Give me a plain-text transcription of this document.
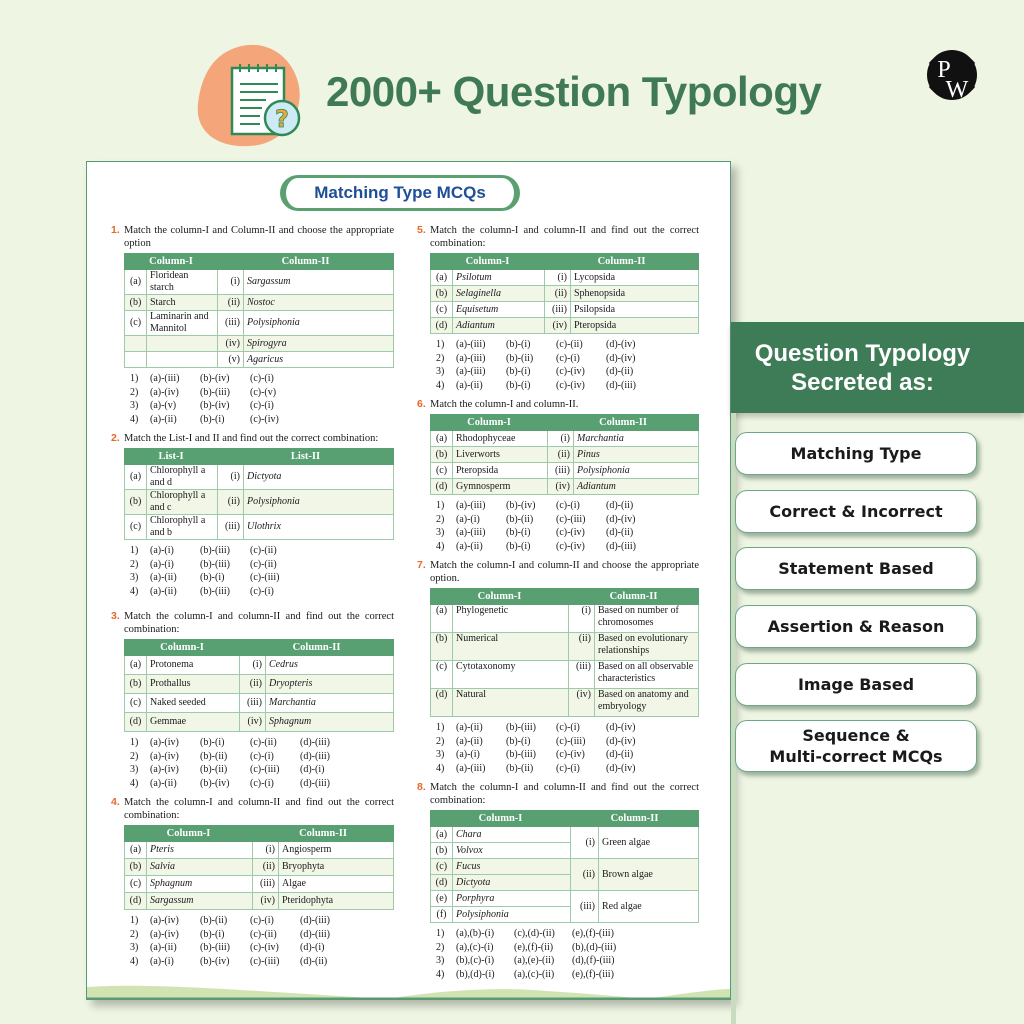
?
2000+ Question Typology	P
W
Matching Type MCQs
1. Match the column-I and Column-II and choose the appropriate option
Column-I		Column-II	
(a)	Floridean starch	(i)	Sargassum
(b)	Starch	(ii)	Nostoc
(c)	Laminarin and Mannitol	(iii)	Polysiphonia
		(iv)	Spirogyra
		(v)	Agaricus
1)	(a)-(iii)	(b)-(iv)	(c)-(i)
2)	(a)-(iv)	(b)-(iii)	(c)-(v)
3)	(a)-(v)	(b)-(iv)	(c)-(i)
4)	(a)-(ii)	(b)-(i)	(c)-(iv)
2. Match the List-I and II and find out the correct combination:
List-I		List-II	
(a)	Chlorophyll a and d	(i)	Dictyota
(b)	Chlorophyll a and c	(ii)	Polysiphonia
(c)	Chlorophyll a and b	(iii)	Ulothrix
1)	(a)-(i)	(b)-(iii)	(c)-(ii)
2)	(a)-(i)	(b)-(iii)	(c)-(ii)
3)	(a)-(ii)	(b)-(i)	(c)-(iii)
4)	(a)-(ii)	(b)-(iii)	(c)-(i)
3. Match the column-I and column-II and find out the correct combination:
Column-I		Column-II	
(a)	Protonema	(i)	Cedrus
(b)	Prothallus	(ii)	Dryopteris
(c)	Naked seeded	(iii)	Marchantia
(d)	Gemmae	(iv)	Sphagnum
1)	(a)-(iv)	(b)-(i)	(c)-(ii)	(d)-(iii)
2)	(a)-(iv)	(b)-(ii)	(c)-(i)	(d)-(iii)
3)	(a)-(iv)	(b)-(ii)	(c)-(iii)	(d)-(i)
4)	(a)-(ii)	(b)-(iv)	(c)-(i)	(d)-(iii)
4. Match the column-I and column-II and find out the correct combination:
Column-I		Column-II	
(a)	Pteris	(i)	Angiosperm
(b)	Salvia	(ii)	Bryophyta
(c)	Sphagnum	(iii)	Algae
(d)	Sargassum	(iv)	Pteridophyta
1)	(a)-(iv)	(b)-(ii)	(c)-(i)	(d)-(iii)
2)	(a)-(iv)	(b)-(i)	(c)-(ii)	(d)-(iii)
3)	(a)-(ii)	(b)-(iii)	(c)-(iv)	(d)-(i)
4)	(a)-(i)	(b)-(iv)	(c)-(iii)	(d)-(ii)
5. Match the column-I and column-II and find out the correct combination:
Column-I		Column-II	
(a)	Psilotum	(i)	Lycopsida
(b)	Selaginella	(ii)	Sphenopsida
(c)	Equisetum	(iii)	Psilopsida
(d)	Adiantum	(iv)	Pteropsida
1)	(a)-(iii)	(b)-(i)	(c)-(ii)	(d)-(iv)
2)	(a)-(iii)	(b)-(ii)	(c)-(i)	(d)-(iv)
3)	(a)-(iii)	(b)-(i)	(c)-(iv)	(d)-(ii)
4)	(a)-(ii)	(b)-(i)	(c)-(iv)	(d)-(iii)
6. Match the column-I and column-II.
Column-I		Column-II	
(a)	Rhodophyceae	(i)	Marchantia
(b)	Liverworts	(ii)	Pinus
(c)	Pteropsida	(iii)	Polysiphonia
(d)	Gymnosperm	(iv)	Adiantum
1)	(a)-(iii)	(b)-(iv)	(c)-(i)	(d)-(ii)
2)	(a)-(i)	(b)-(ii)	(c)-(iii)	(d)-(iv)
3)	(a)-(iii)	(b)-(i)	(c)-(iv)	(d)-(ii)
4)	(a)-(ii)	(b)-(i)	(c)-(iv)	(d)-(iii)
7. Match the column-I and column-II and choose the appropriate option.
Column-I		Column-II	
(a)	Phylogenetic	(i)	Based on number of chromosomes
(b)	Numerical	(ii)	Based on evolutionary relationships
(c)	Cytotaxonomy	(iii)	Based on all observable characteristics
(d)	Natural	(iv)	Based on anatomy and embryology
1)	(a)-(ii)	(b)-(iii)	(c)-(i)	(d)-(iv)
2)	(a)-(ii)	(b)-(i)	(c)-(iii)	(d)-(iv)
3)	(a)-(i)	(b)-(iii)	(c)-(iv)	(d)-(ii)
4)	(a)-(iii)	(b)-(ii)	(c)-(i)	(d)-(iv)
8. Match the column-I and column-II and find out the correct combination:
Column-I		Column-II	
(a)	Chara	(i)	Green algae
(b)	Volvox		
(c)	Fucus	(ii)	Brown algae
(d)	Dictyota		
(e)	Porphyra	(iii)	Red algae
(f)	Polysiphonia		
1)	(a),(b)-(i)	(c),(d)-(ii)	(e),(f)-(iii)
2)	(a),(c)-(i)	(e),(f)-(ii)	(b),(d)-(iii)
3)	(b),(c)-(i)	(a),(e)-(ii)	(d),(f)-(iii)
4)	(b),(d)-(i)	(a),(c)-(ii)	(e),(f)-(iii)
Question Typology
Secreted as:
Matching Type
Correct & Incorrect
Statement Based
Assertion & Reason
Image Based
Sequence &
Multi-correct MCQs
